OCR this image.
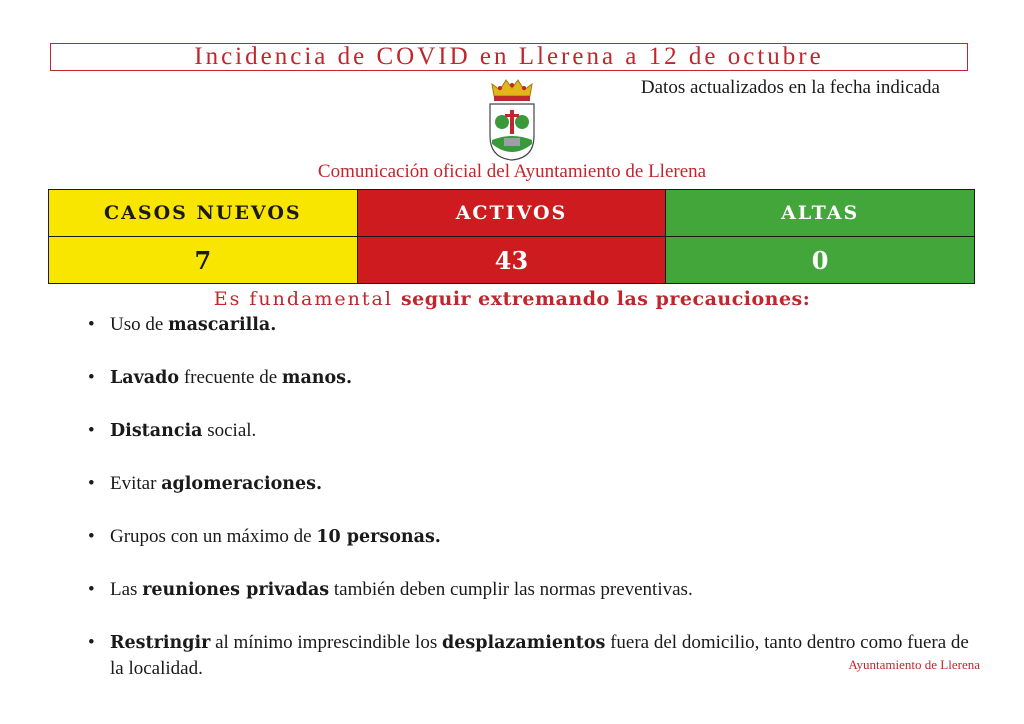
Incidencia de COVID en Llerena a 12 de octubre
Datos actualizados en la fecha indicada
Comunicación oficial del Ayuntamiento de Llerena
CASOS NUEVOS	ACTIVOS	ALTAS
7	43	0
Es fundamental seguir extremando las precauciones:
• Uso de mascarilla.
• Lavado frecuente de manos.
• Distancia social.
• Evitar aglomeraciones.
• Grupos con un máximo de 10 personas.
• Las reuniones privadas también deben cumplir las normas preventivas.
• Restringir al mínimo imprescindible los desplazamientos fuera del domicilio, tanto dentro como fuera de la localidad.	Ayuntamiento de Llerena
